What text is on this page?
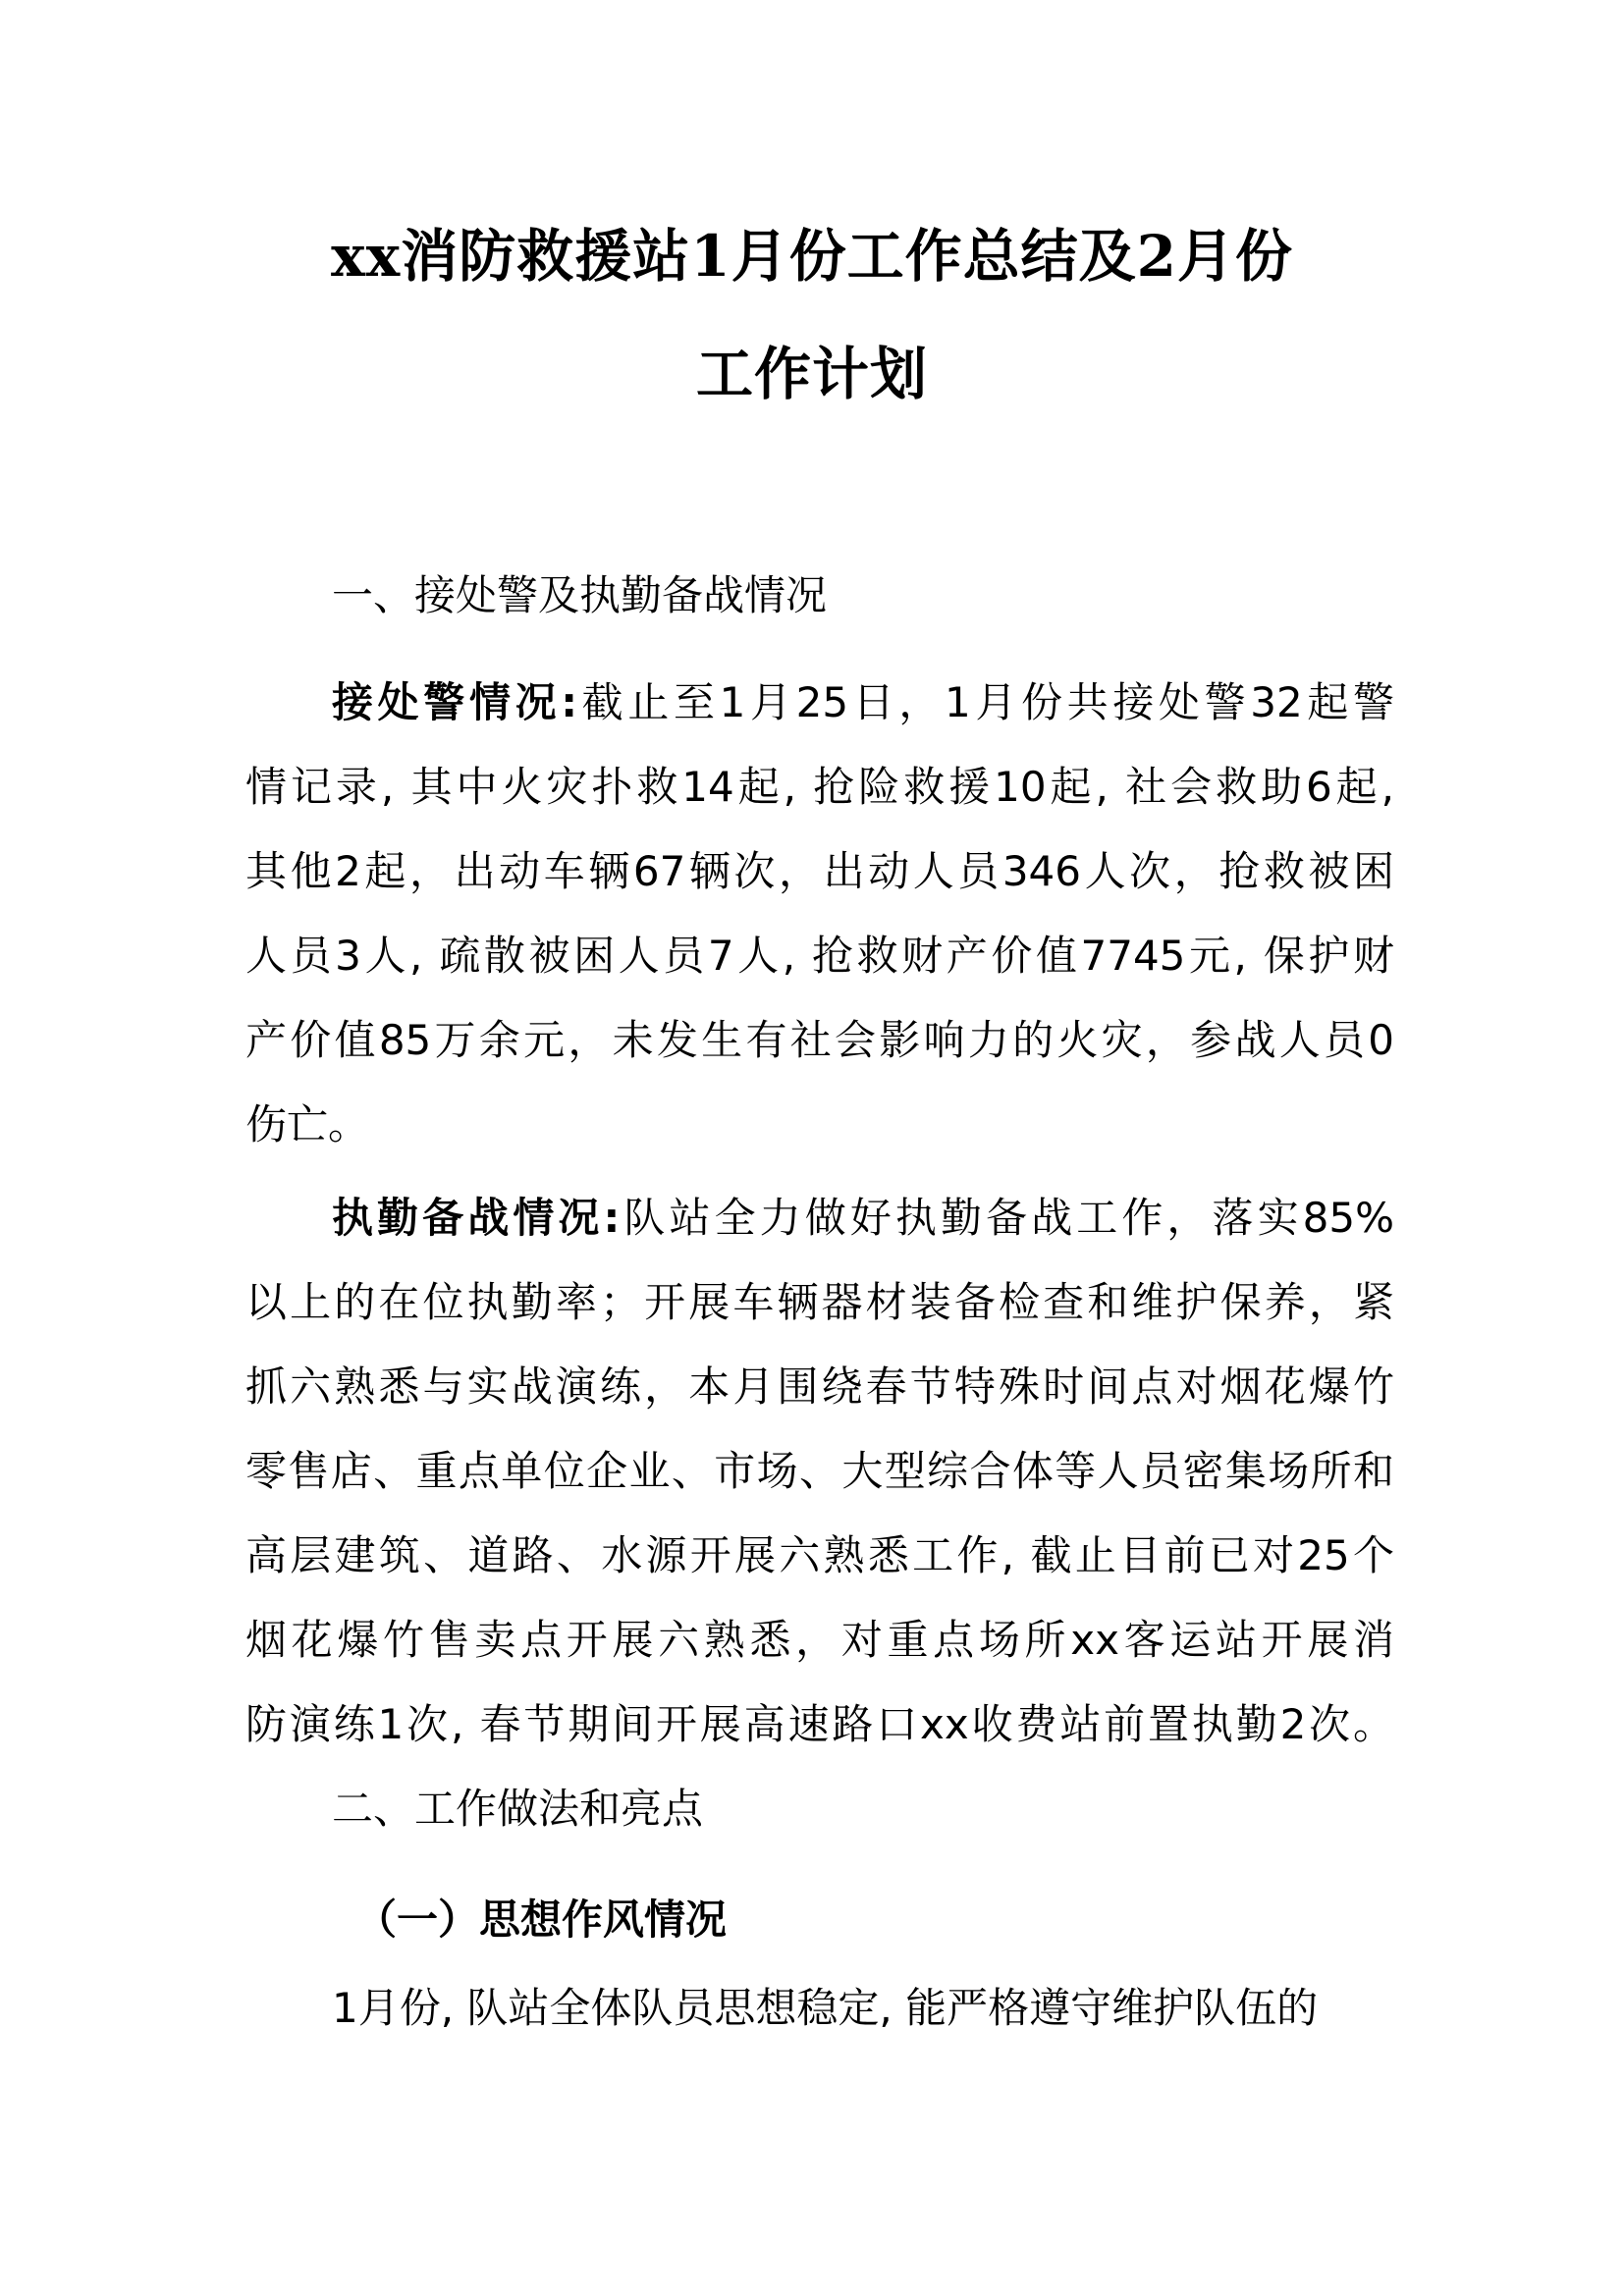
xx消防救援站1月份工作总结及2月份
工作计划
一、接处警及执勤备战情况
接处警情况:截止至1月25日，1月份共接处警32起警
情记录, 其中火灾扑救14起, 抢险救援10起, 社会救助6起,
其他2起，出动车辆67辆次，出动人员346人次，抢救被困
人员3人, 疏散被困人员7人, 抢救财产价值7745元, 保护财
产价值85万余元，未发生有社会影响力的火灾，参战人员0
伤亡。
执勤备战情况:队站全力做好执勤备战工作，落实85%
以上的在位执勤率；开展车辆器材装备检查和维护保养，紧
抓六熟悉与实战演练，本月围绕春节特殊时间点对烟花爆竹
零售店、重点单位企业、市场、大型综合体等人员密集场所和
高层建筑、道路、水源开展六熟悉工作, 截止目前已对25个
烟花爆竹售卖点开展六熟悉，对重点场所xx客运站开展消
防演练1次, 春节期间开展高速路口xx收费站前置执勤2次。
二、工作做法和亮点
（一）思想作风情况
1月份, 队站全体队员思想稳定, 能严格遵守维护队伍的
